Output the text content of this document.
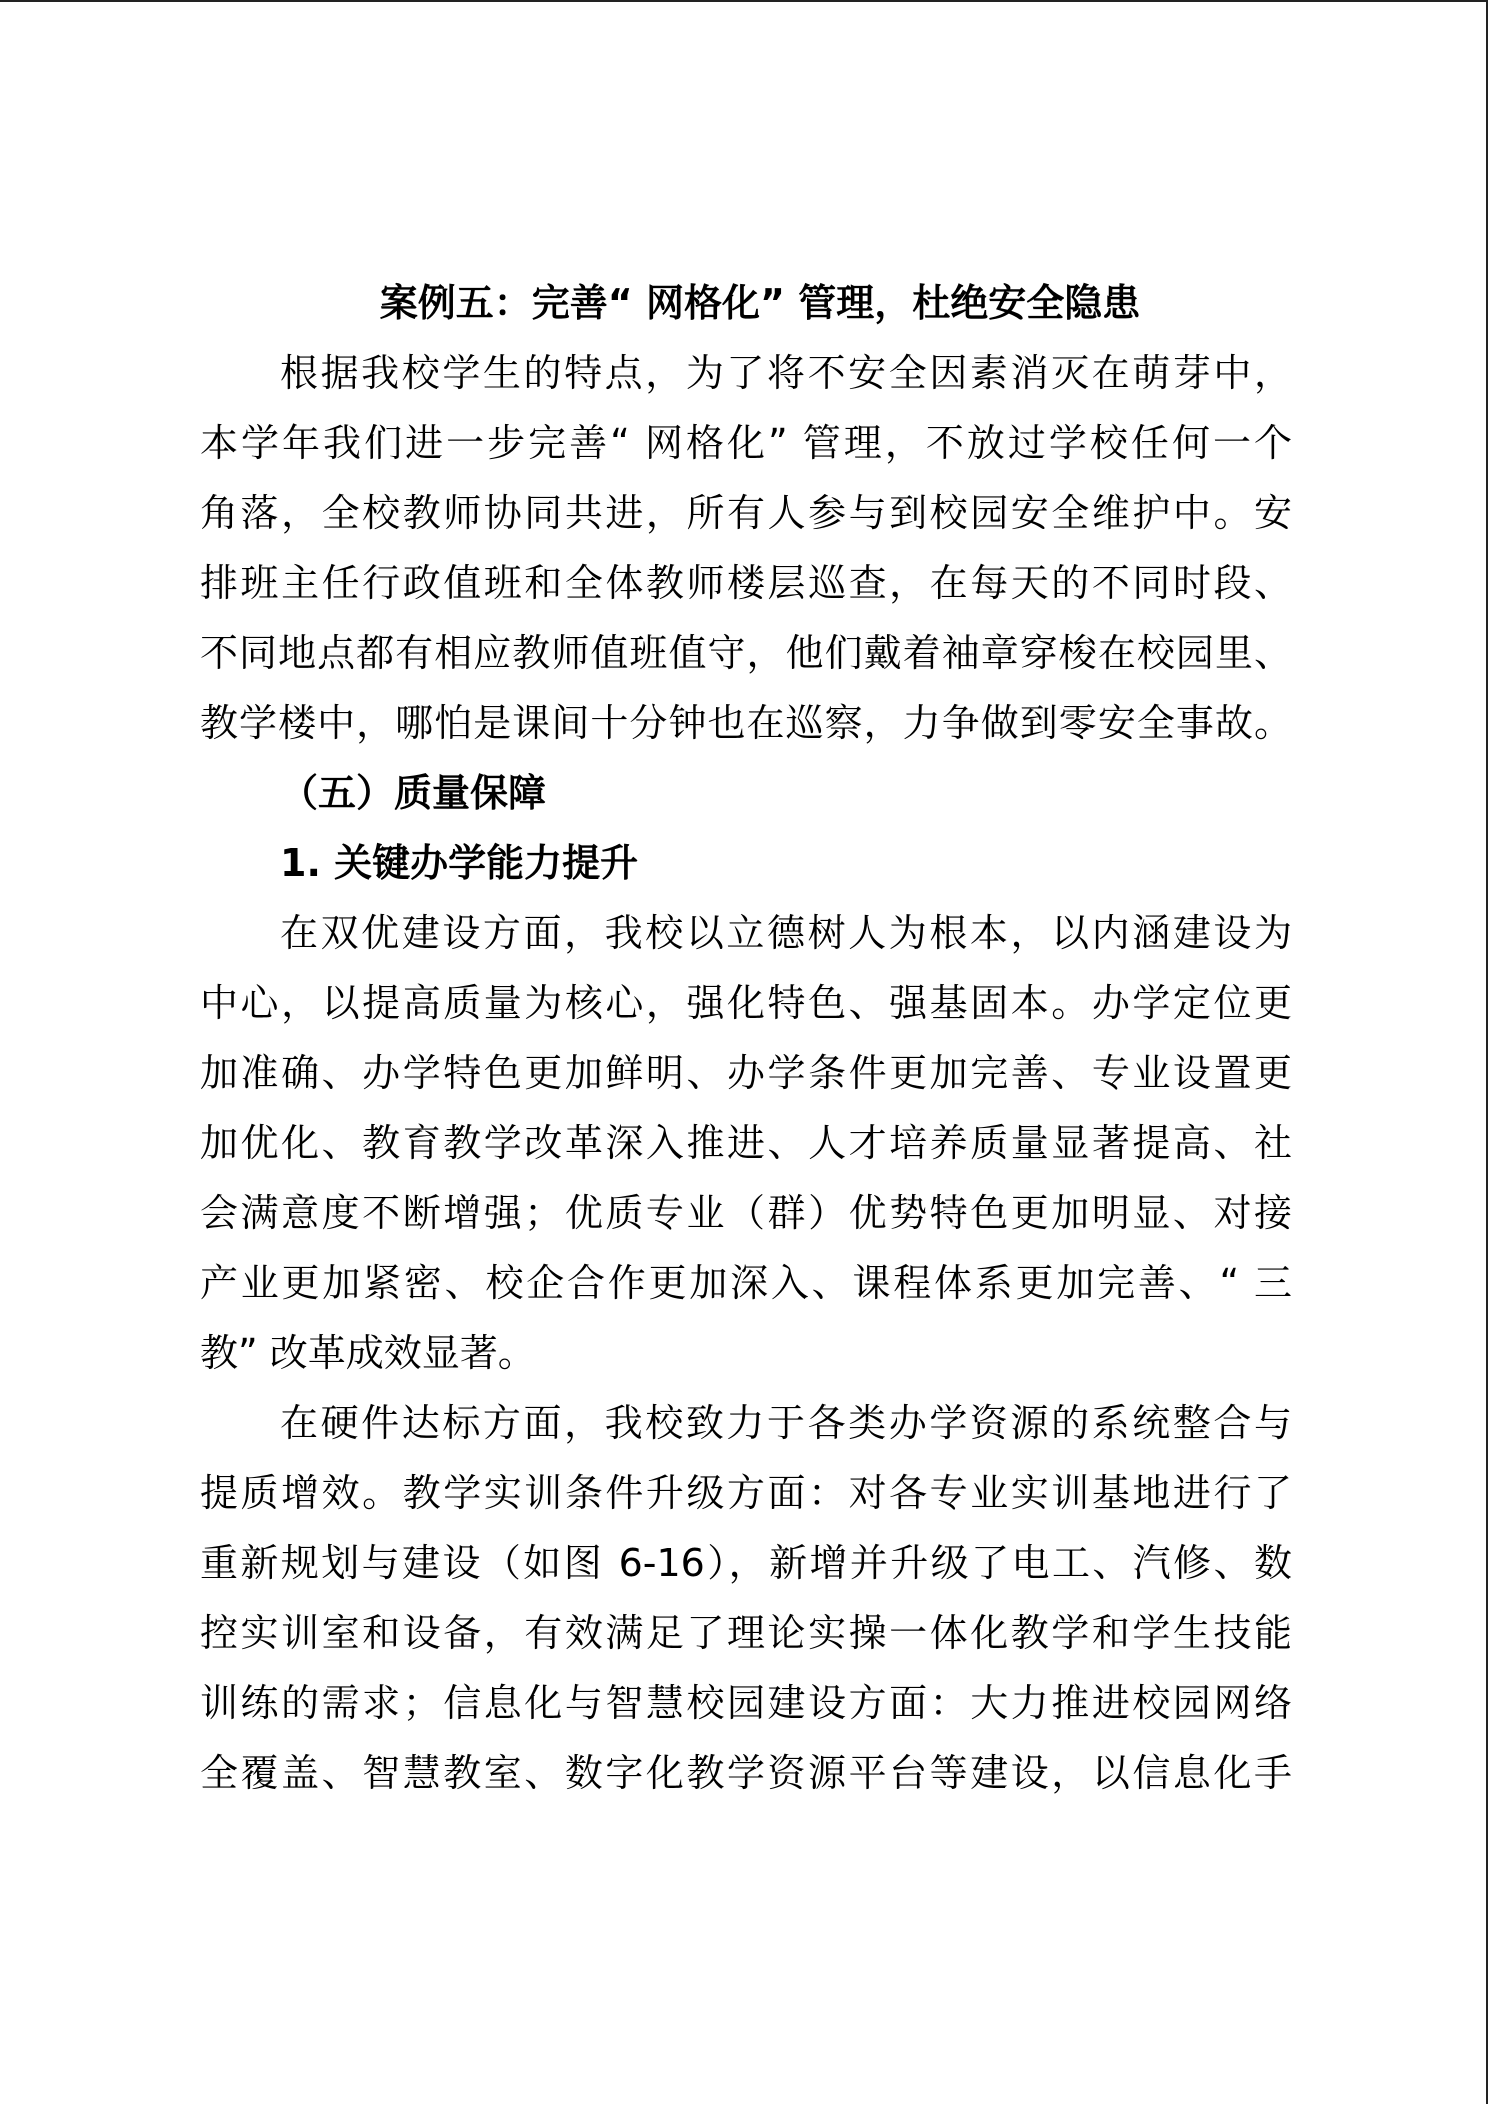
案例五：完善“ 网格化” 管理，杜绝安全隐患
根据我校学生的特点，为了将不安全因素消灭在萌芽中，
本学年我们进一步完善“ 网格化” 管理，不放过学校任何一个
角落，全校教师协同共进，所有人参与到校园安全维护中。安
排班主任行政值班和全体教师楼层巡查，在每天的不同时段、
不同地点都有相应教师值班值守，他们戴着袖章穿梭在校园里、
教学楼中，哪怕是课间十分钟也在巡察，力争做到零安全事故。
（五）质量保障
1. 关键办学能力提升
在双优建设方面，我校以立德树人为根本，以内涵建设为
中心，以提高质量为核心，强化特色、强基固本。办学定位更
加准确、办学特色更加鲜明、办学条件更加完善、专业设置更
加优化、教育教学改革深入推进、人才培养质量显著提高、社
会满意度不断增强；优质专业（群）优势特色更加明显、对接
产业更加紧密、校企合作更加深入、课程体系更加完善、“ 三
教” 改革成效显著。
在硬件达标方面，我校致力于各类办学资源的系统整合与
提质增效。教学实训条件升级方面：对各专业实训基地进行了
重新规划与建设（如图 6-16），新增并升级了电工、汽修、数
控实训室和设备，有效满足了理论实操一体化教学和学生技能
训练的需求；信息化与智慧校园建设方面：大力推进校园网络
全覆盖、智慧教室、数字化教学资源平台等建设，以信息化手
